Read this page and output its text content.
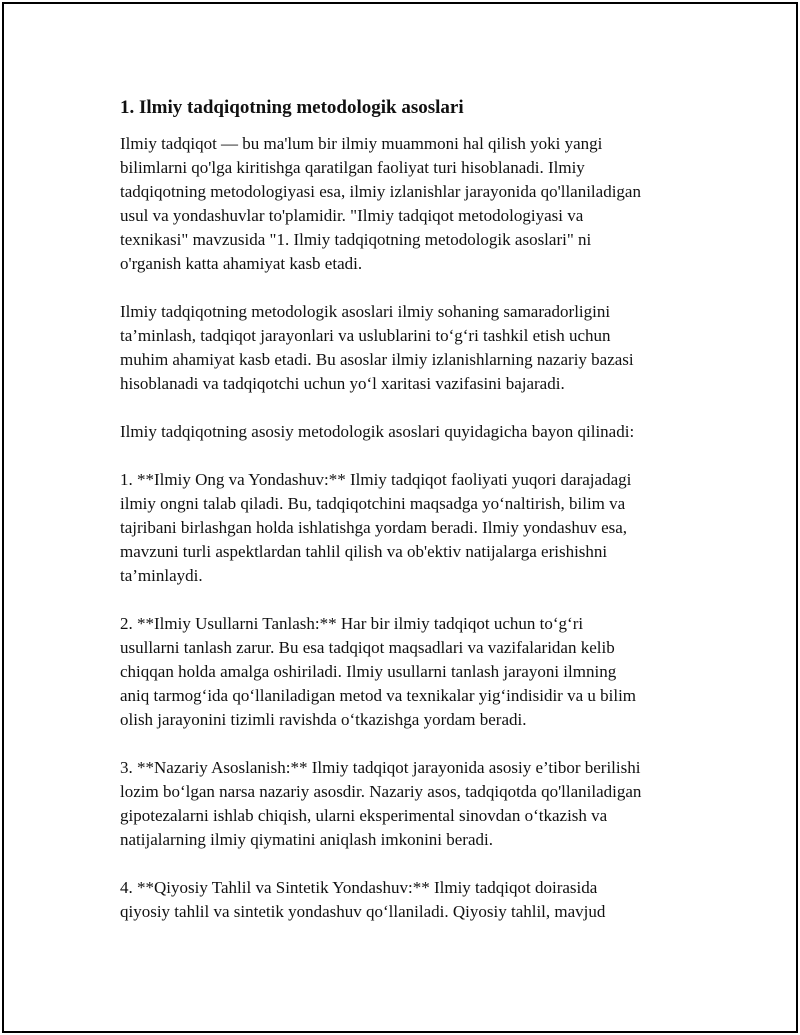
1. Ilmiy tadqiqotning metodologik asoslari
Ilmiy tadqiqot — bu ma'lum bir ilmiy muammoni hal qilish yoki yangi
bilimlarni qo'lga kiritishga qaratilgan faoliyat turi hisoblanadi. Ilmiy
tadqiqotning metodologiyasi esa, ilmiy izlanishlar jarayonida qo'llaniladigan
usul va yondashuvlar to'plamidir. "Ilmiy tadqiqot metodologiyasi va
texnikasi" mavzusida "1. Ilmiy tadqiqotning metodologik asoslari" ni
o'rganish katta ahamiyat kasb etadi.
Ilmiy tadqiqotning metodologik asoslari ilmiy sohaning samaradorligini
ta’minlash, tadqiqot jarayonlari va uslublarini to‘g‘ri tashkil etish uchun
muhim ahamiyat kasb etadi. Bu asoslar ilmiy izlanishlarning nazariy bazasi
hisoblanadi va tadqiqotchi uchun yo‘l xaritasi vazifasini bajaradi.
Ilmiy tadqiqotning asosiy metodologik asoslari quyidagicha bayon qilinadi:
1. **Ilmiy Ong va Yondashuv:** Ilmiy tadqiqot faoliyati yuqori darajadagi
ilmiy ongni talab qiladi. Bu, tadqiqotchini maqsadga yo‘naltirish, bilim va
tajribani birlashgan holda ishlatishga yordam beradi. Ilmiy yondashuv esa,
mavzuni turli aspektlardan tahlil qilish va ob'ektiv natijalarga erishishni
ta’minlaydi.
2. **Ilmiy Usullarni Tanlash:** Har bir ilmiy tadqiqot uchun to‘g‘ri
usullarni tanlash zarur. Bu esa tadqiqot maqsadlari va vazifalaridan kelib
chiqqan holda amalga oshiriladi. Ilmiy usullarni tanlash jarayoni ilmning
aniq tarmog‘ida qo‘llaniladigan metod va texnikalar yig‘indisidir va u bilim
olish jarayonini tizimli ravishda o‘tkazishga yordam beradi.
3. **Nazariy Asoslanish:** Ilmiy tadqiqot jarayonida asosiy e’tibor berilishi
lozim bo‘lgan narsa nazariy asosdir. Nazariy asos, tadqiqotda qo'llaniladigan
gipotezalarni ishlab chiqish, ularni eksperimental sinovdan o‘tkazish va
natijalarning ilmiy qiymatini aniqlash imkonini beradi.
4. **Qiyosiy Tahlil va Sintetik Yondashuv:** Ilmiy tadqiqot doirasida
qiyosiy tahlil va sintetik yondashuv qo‘llaniladi. Qiyosiy tahlil, mavjud
